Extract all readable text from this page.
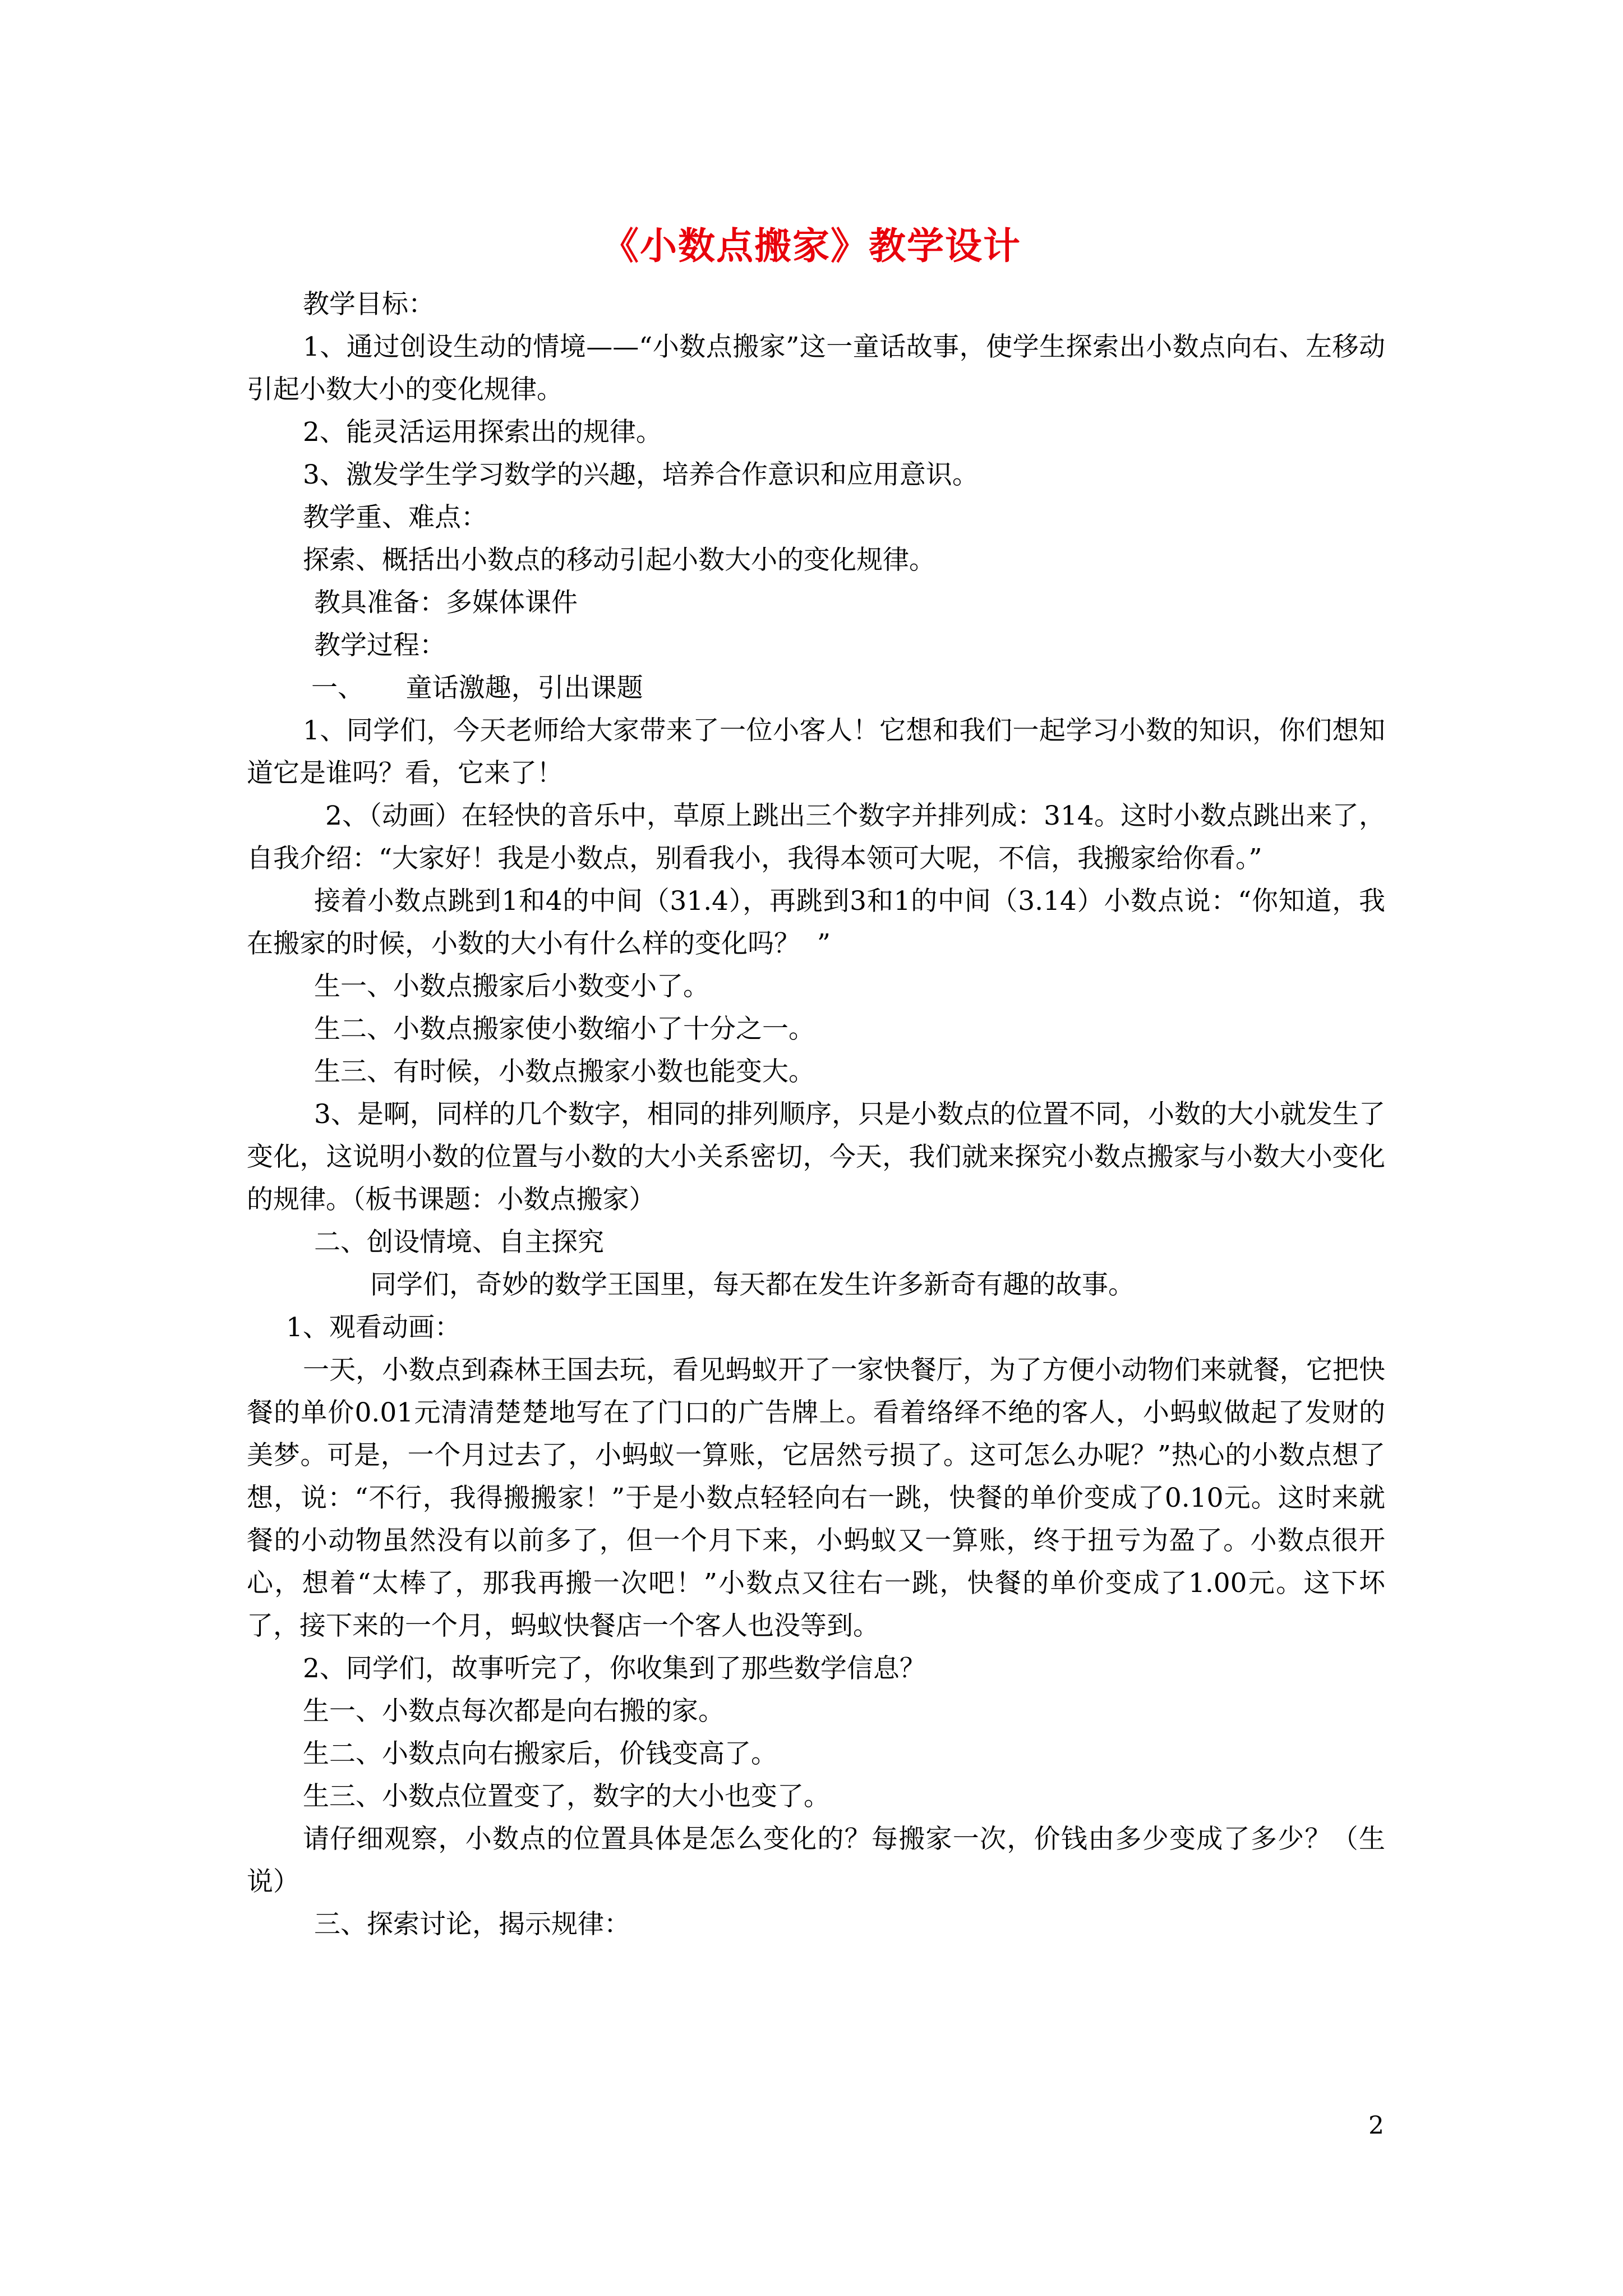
《小数点搬家》教学设计
教学目标：
1、通过创设生动的情境——“小数点搬家”这一童话故事，使学生探索出小数点向右、左移动引起小数大小的变化规律。
2、能灵活运用探索出的规律。
3、激发学生学习数学的兴趣，培养合作意识和应用意识。
教学重、难点：
探索、概括出小数点的移动引起小数大小的变化规律。
教具准备：多媒体课件
教学过程：
一、     童话激趣，引出课题
1、同学们，今天老师给大家带来了一位小客人！它想和我们一起学习小数的知识，你们想知道它是谁吗？看，它来了！
2、（动画）在轻快的音乐中，草原上跳出三个数字并排列成：314。这时小数点跳出来了，自我介绍：“大家好！我是小数点，别看我小，我得本领可大呢，不信，我搬家给你看。”
接着小数点跳到1和4的中间（31.4），再跳到3和1的中间（3.14）小数点说：“你知道，我在搬家的时候，小数的大小有什么样的变化吗？  ”
生一、小数点搬家后小数变小了。
生二、小数点搬家使小数缩小了十分之一。
生三、有时候，小数点搬家小数也能变大。
3、是啊，同样的几个数字，相同的排列顺序，只是小数点的位置不同，小数的大小就发生了变化，这说明小数的位置与小数的大小关系密切，今天，我们就来探究小数点搬家与小数大小变化的规律。（板书课题：小数点搬家）
二、创设情境、自主探究
同学们，奇妙的数学王国里，每天都在发生许多新奇有趣的故事。
1、观看动画：
一天，小数点到森林王国去玩，看见蚂蚁开了一家快餐厅，为了方便小动物们来就餐，它把快餐的单价0.01元清清楚楚地写在了门口的广告牌上。看着络绎不绝的客人，小蚂蚁做起了发财的美梦。可是，一个月过去了，小蚂蚁一算账，它居然亏损了。这可怎么办呢？”热心的小数点想了想，说：“不行，我得搬搬家！”于是小数点轻轻向右一跳，快餐的单价变成了0.10元。这时来就餐的小动物虽然没有以前多了，但一个月下来，小蚂蚁又一算账，终于扭亏为盈了。小数点很开心，想着“太棒了，那我再搬一次吧！”小数点又往右一跳，快餐的单价变成了1.00元。这下坏了，接下来的一个月，蚂蚁快餐店一个客人也没等到。
2、同学们，故事听完了，你收集到了那些数学信息？
生一、小数点每次都是向右搬的家。
生二、小数点向右搬家后，价钱变高了。
生三、小数点位置变了，数字的大小也变了。
请仔细观察，小数点的位置具体是怎么变化的？每搬家一次，价钱由多少变成了多少？（生说）
三、探索讨论，揭示规律：
2
